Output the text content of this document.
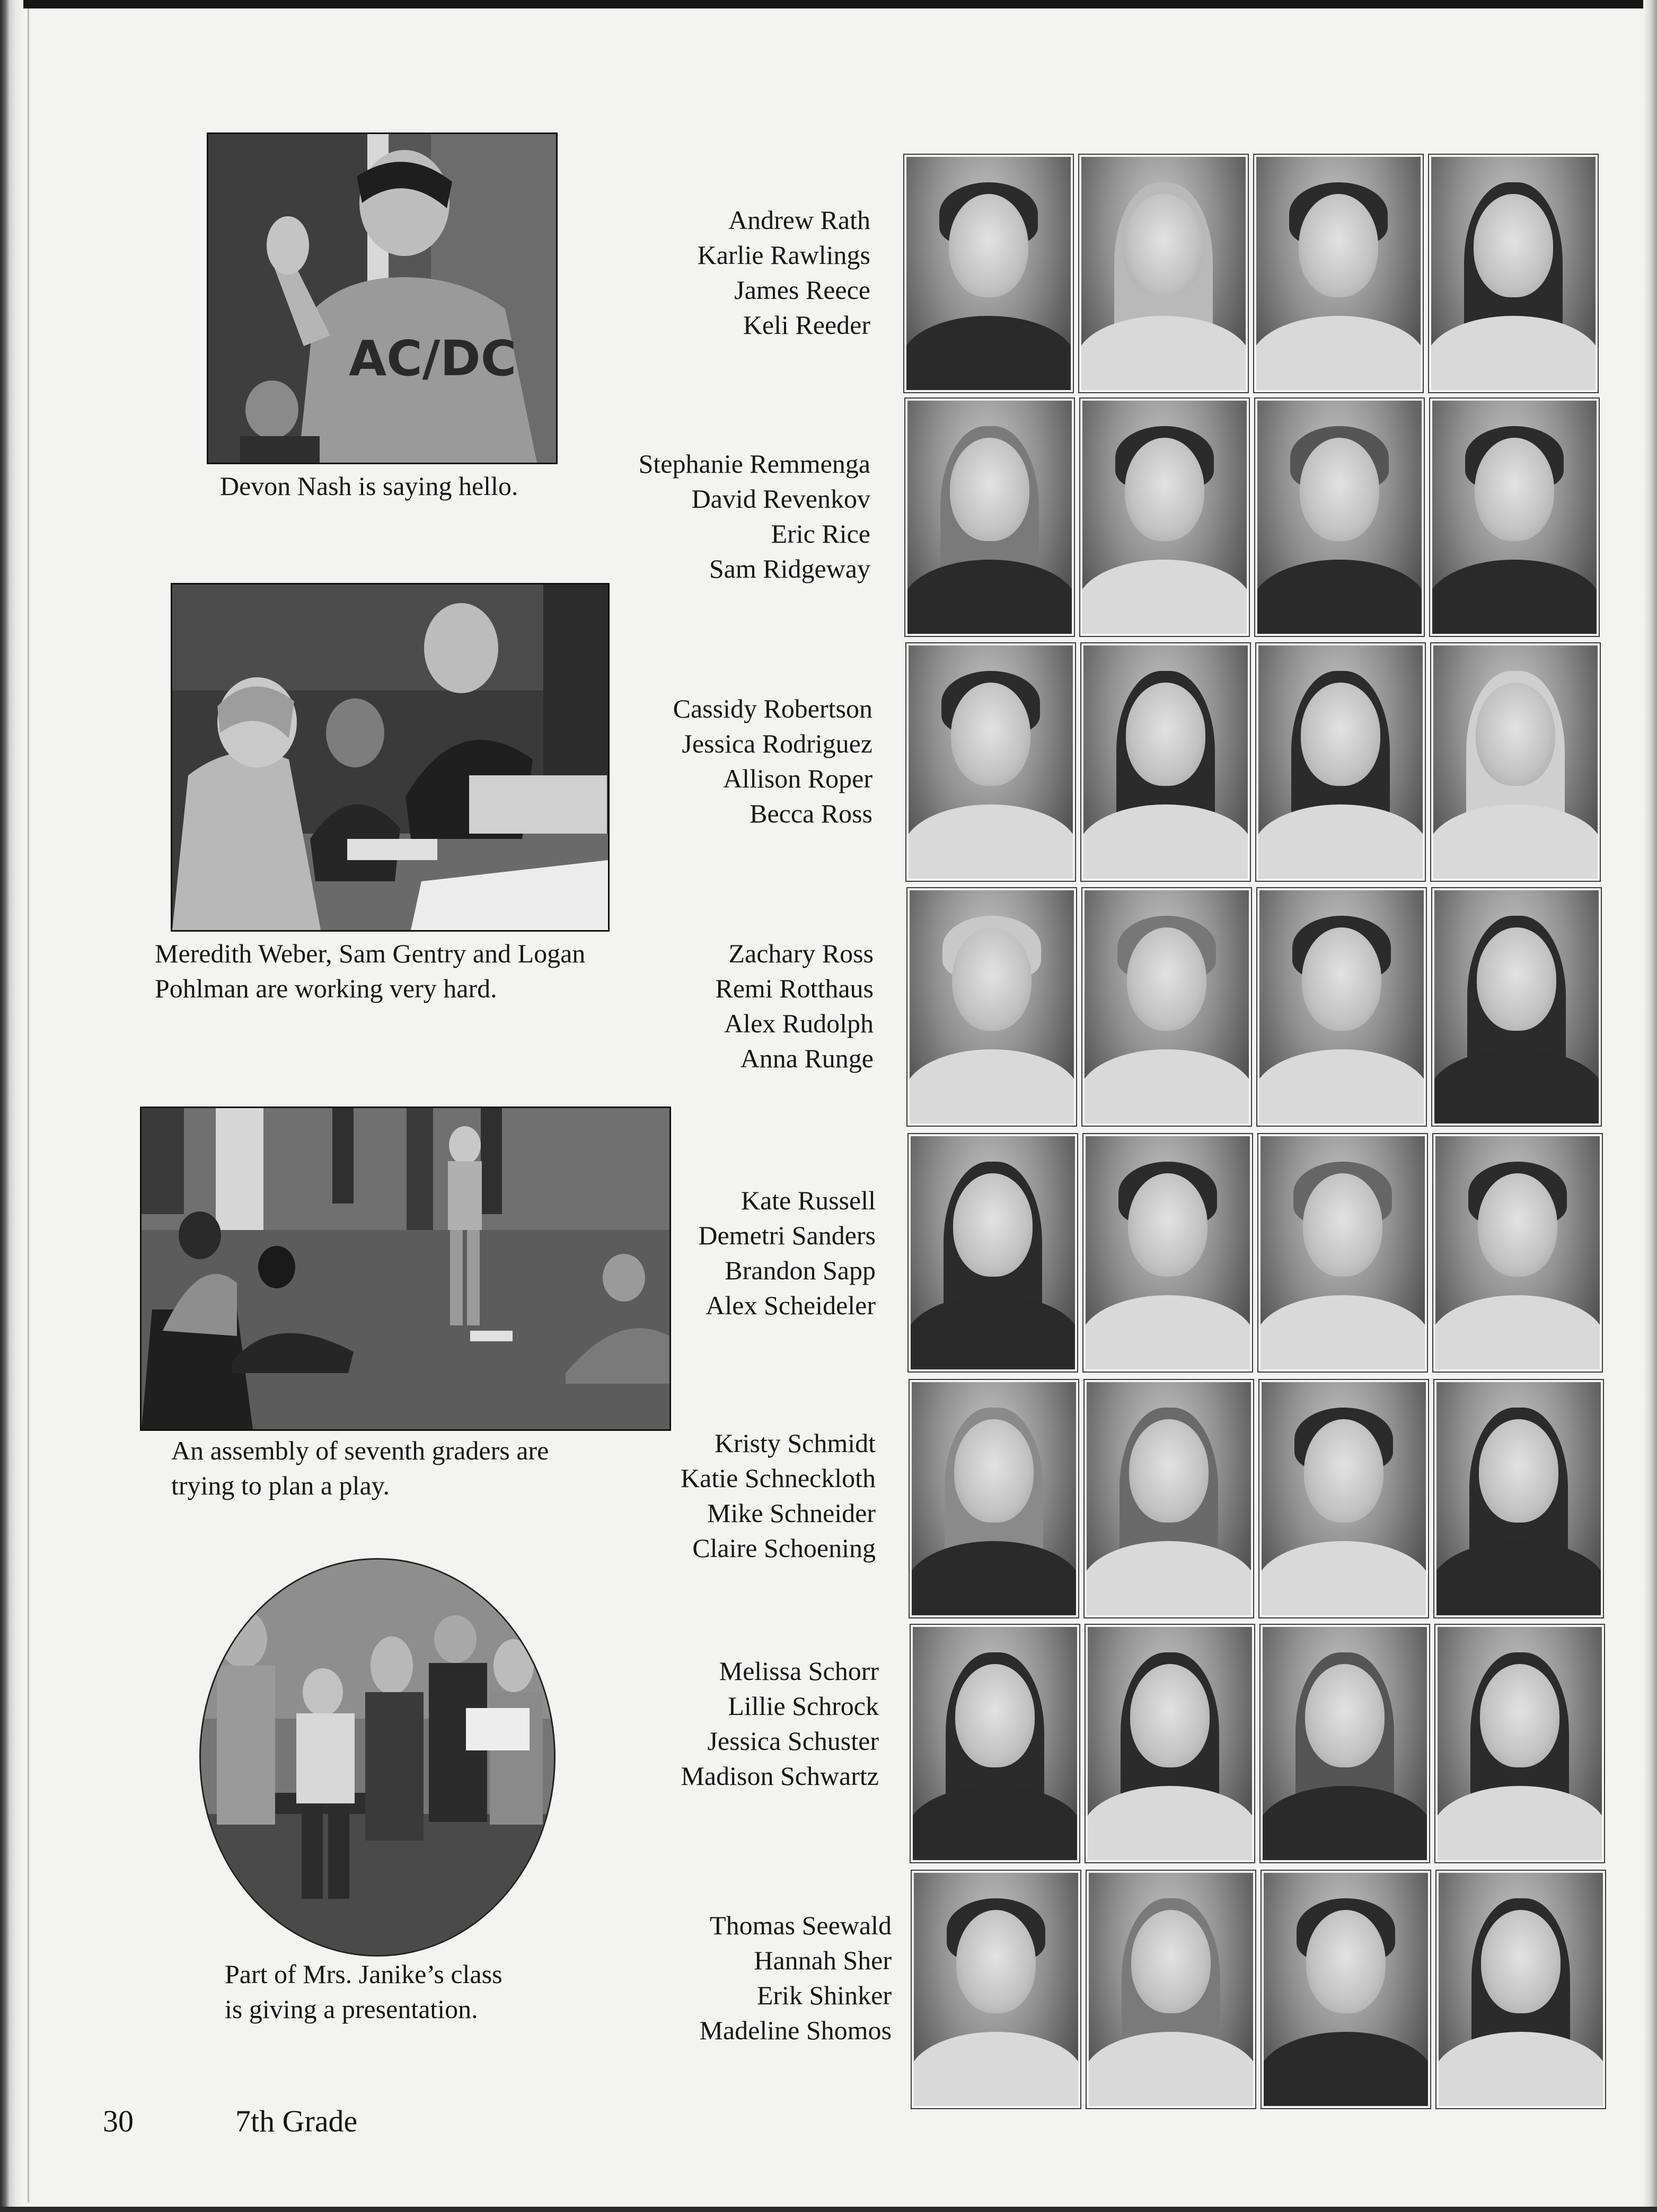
AC/DC
Devon Nash is saying hello.
Meredith Weber, Sam Gentry and Logan
Pohlman are working very hard.
An assembly of seventh graders are
trying to plan a play.
Part of Mrs. Janike’s class
is giving a presentation.
Andrew Rath
Karlie Rawlings
James Reece
Keli Reeder
Stephanie Remmenga
David Revenkov
Eric Rice
Sam Ridgeway
Cassidy Robertson
Jessica Rodriguez
Allison Roper
Becca Ross
Zachary Ross
Remi Rotthaus
Alex Rudolph
Anna Runge
Kate Russell
Demetri Sanders
Brandon Sapp
Alex Scheideler
Kristy Schmidt
Katie Schneckloth
Mike Schneider
Claire Schoening
Melissa Schorr
Lillie Schrock
Jessica Schuster
Madison Schwartz
Thomas Seewald
Hannah Sher
Erik Shinker
Madeline Shomos
30	7th Grade
